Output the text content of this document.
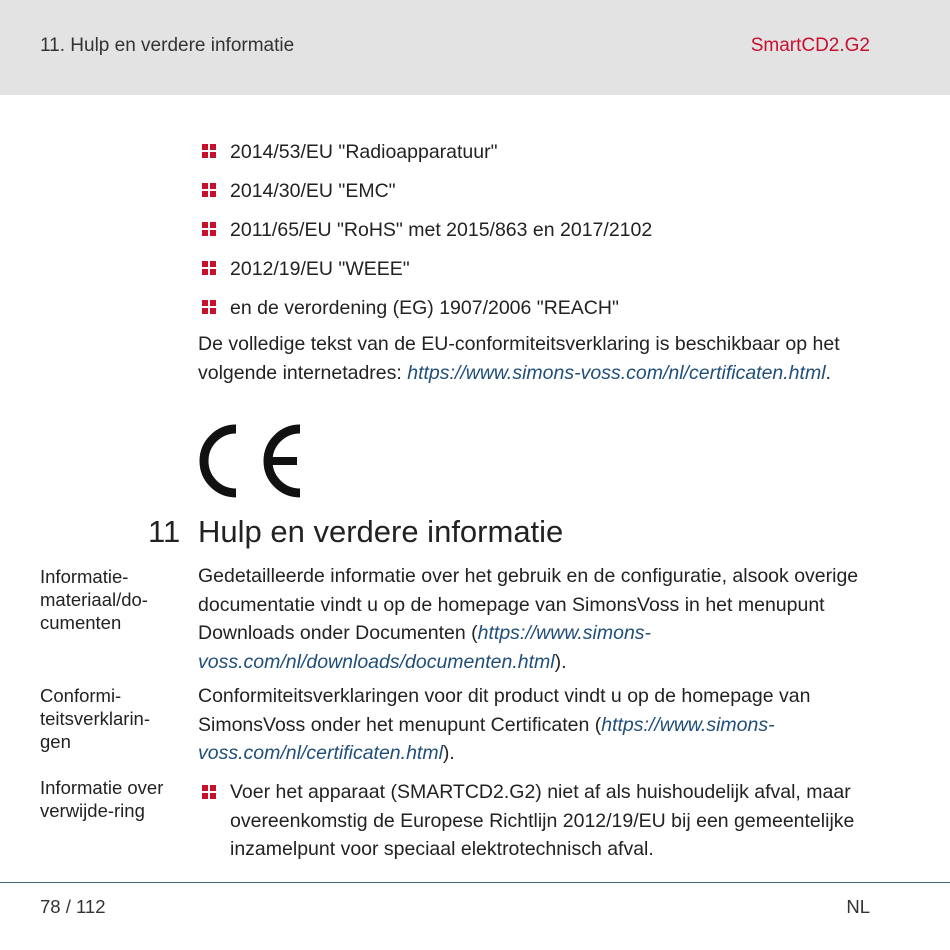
11. Hulp en verdere informatie	SmartCD2.G2
2014/53/EU "Radioapparatuur"
2014/30/EU "EMC"
2011/65/EU "RoHS" met 2015/863 en 2017/2102
2012/19/EU "WEEE"
en de verordening (EG) 1907/2006 "REACH"
De volledige tekst van de EU-conformiteitsverklaring is beschikbaar op het volgende internetadres: https://www.simons-voss.com/nl/certificaten.html.
11 Hulp en verdere informatie
Informatie-materiaal/do-cumenten
Gedetailleerde informatie over het gebruik en de configuratie, alsook overige documentatie vindt u op de homepage van SimonsVoss in het menupunt Downloads onder Documenten (https://www.simons-voss.com/nl/downloads/documenten.html).
Conformi-teitsverklarin-gen
Conformiteitsverklaringen voor dit product vindt u op de homepage van SimonsVoss onder het menupunt Certificaten (https://www.simons-voss.com/nl/certificaten.html).
Informatie over verwijde-ring
Voer het apparaat (SMARTCD2.G2) niet af als huishoudelijk afval, maar overeenkomstig de Europese Richtlijn 2012/19/EU bij een gemeentelijke inzamelpunt voor speciaal elektrotechnisch afval.
78 / 112	NL
